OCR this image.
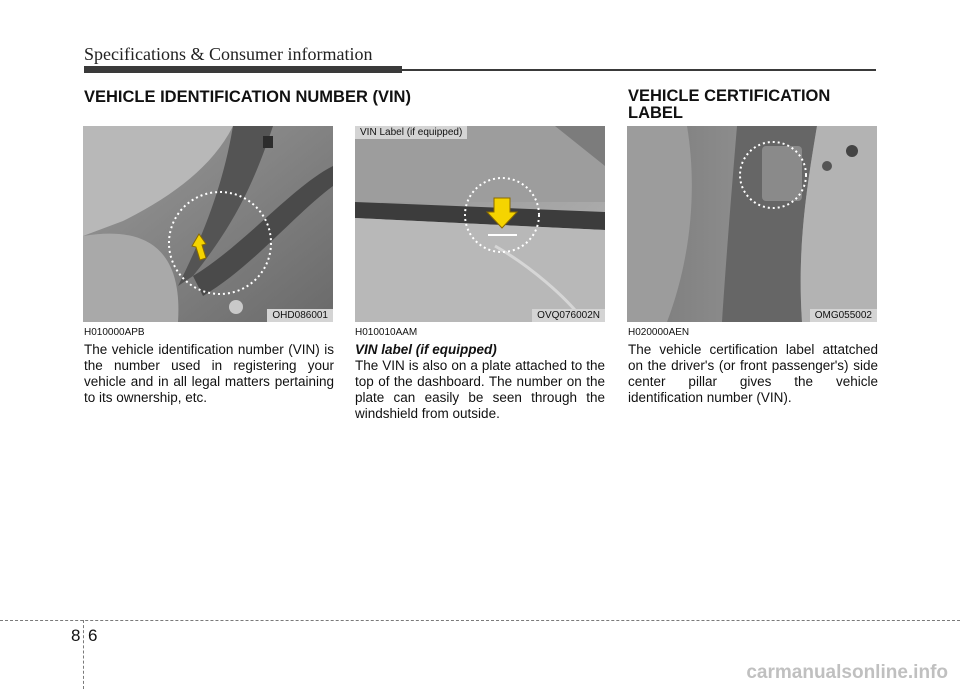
Specifications & Consumer information
VEHICLE IDENTIFICATION NUMBER (VIN)	VEHICLE CERTIFICATION
LABEL
OHD086001
VIN Label (if equipped)
OVQ076002N	OMG055002
H010000APB
The vehicle identification number (VIN) is the number used in registering your vehicle and in all legal matters pertaining to its ownership, etc.
H010010AAM
VIN label (if equipped)
The VIN is also on a plate attached to the top of the dashboard. The number on the plate can easily be seen through the windshield from outside.
H020000AEN
The vehicle certification label attatched on the driver's (or front passenger's) side center pillar gives the vehicle identification number (VIN).
8 6
carmanualsonline.info
